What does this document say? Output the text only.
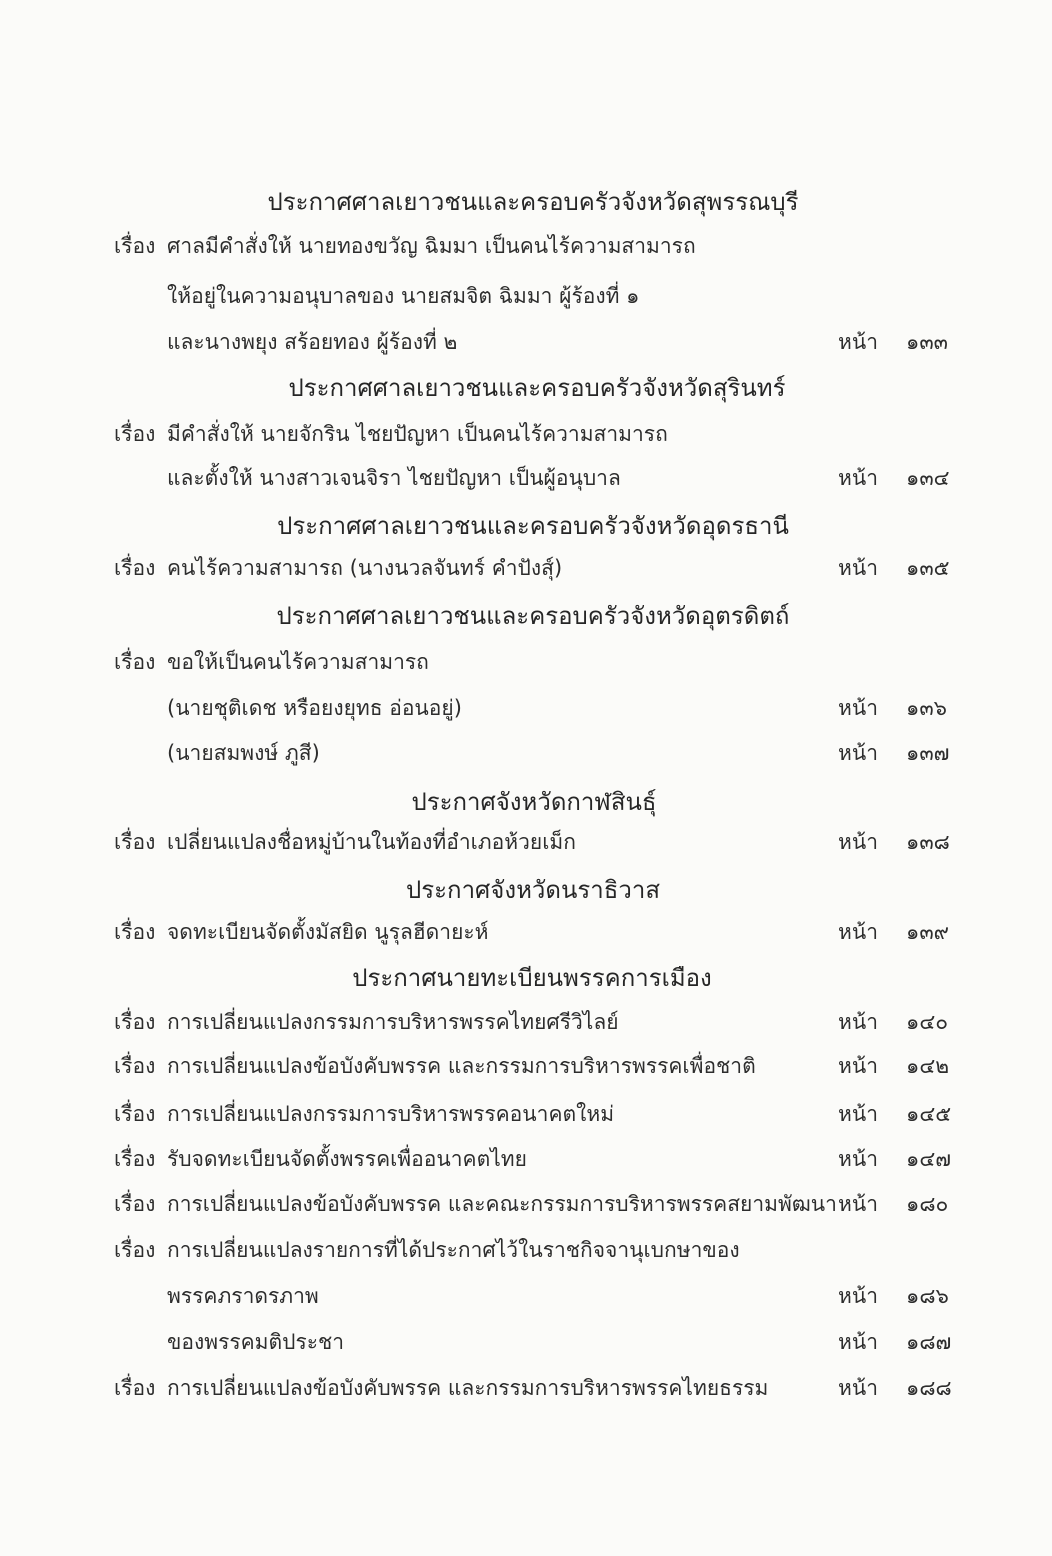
ประกาศศาลเยาวชนและครอบครัวจังหวัดสุพรรณบุรี
เรื่อง ศาลมีคำสั่งให้ นายทองขวัญ ฉิมมา เป็นคนไร้ความสามารถ
ให้อยู่ในความอนุบาลของ นายสมจิต ฉิมมา ผู้ร้องที่ ๑
และนางพยุง สร้อยทอง ผู้ร้องที่ ๒	หน้า ๑๓๓
ประกาศศาลเยาวชนและครอบครัวจังหวัดสุรินทร์
เรื่อง มีคำสั่งให้ นายจักริน ไชยปัญหา เป็นคนไร้ความสามารถ
และตั้งให้ นางสาวเจนจิรา ไชยปัญหา เป็นผู้อนุบาล	หน้า ๑๓๔
ประกาศศาลเยาวชนและครอบครัวจังหวัดอุดรธานี
เรื่อง คนไร้ความสามารถ (นางนวลจันทร์ คำปังสุ์)	หน้า ๑๓๕
ประกาศศาลเยาวชนและครอบครัวจังหวัดอุตรดิตถ์
เรื่อง ขอให้เป็นคนไร้ความสามารถ
(นายชุติเดช หรือยงยุทธ อ่อนอยู่)	หน้า ๑๓๖
(นายสมพงษ์ ภูสี)	หน้า ๑๓๗
ประกาศจังหวัดกาฬสินธุ์
เรื่อง เปลี่ยนแปลงชื่อหมู่บ้านในท้องที่อำเภอห้วยเม็ก	หน้า ๑๓๘
ประกาศจังหวัดนราธิวาส
เรื่อง จดทะเบียนจัดตั้งมัสยิด นูรุลฮีดายะห์	หน้า ๑๓๙
ประกาศนายทะเบียนพรรคการเมือง
เรื่อง การเปลี่ยนแปลงกรรมการบริหารพรรคไทยศรีวิไลย์	หน้า ๑๔๐
เรื่อง การเปลี่ยนแปลงข้อบังคับพรรค และกรรมการบริหารพรรคเพื่อชาติ	หน้า ๑๔๒
เรื่อง การเปลี่ยนแปลงกรรมการบริหารพรรคอนาคตใหม่	หน้า ๑๔๕
เรื่อง รับจดทะเบียนจัดตั้งพรรคเพื่ออนาคตไทย	หน้า ๑๔๗
เรื่อง การเปลี่ยนแปลงข้อบังคับพรรค และคณะกรรมการบริหารพรรคสยามพัฒนา หน้า ๑๘๐
เรื่อง การเปลี่ยนแปลงรายการที่ได้ประกาศไว้ในราชกิจจานุเบกษาของ
พรรคภราดรภาพ	หน้า ๑๘๖
ของพรรคมติประชา	หน้า ๑๘๗
เรื่อง การเปลี่ยนแปลงข้อบังคับพรรค และกรรมการบริหารพรรคไทยธรรม	หน้า ๑๘๘
